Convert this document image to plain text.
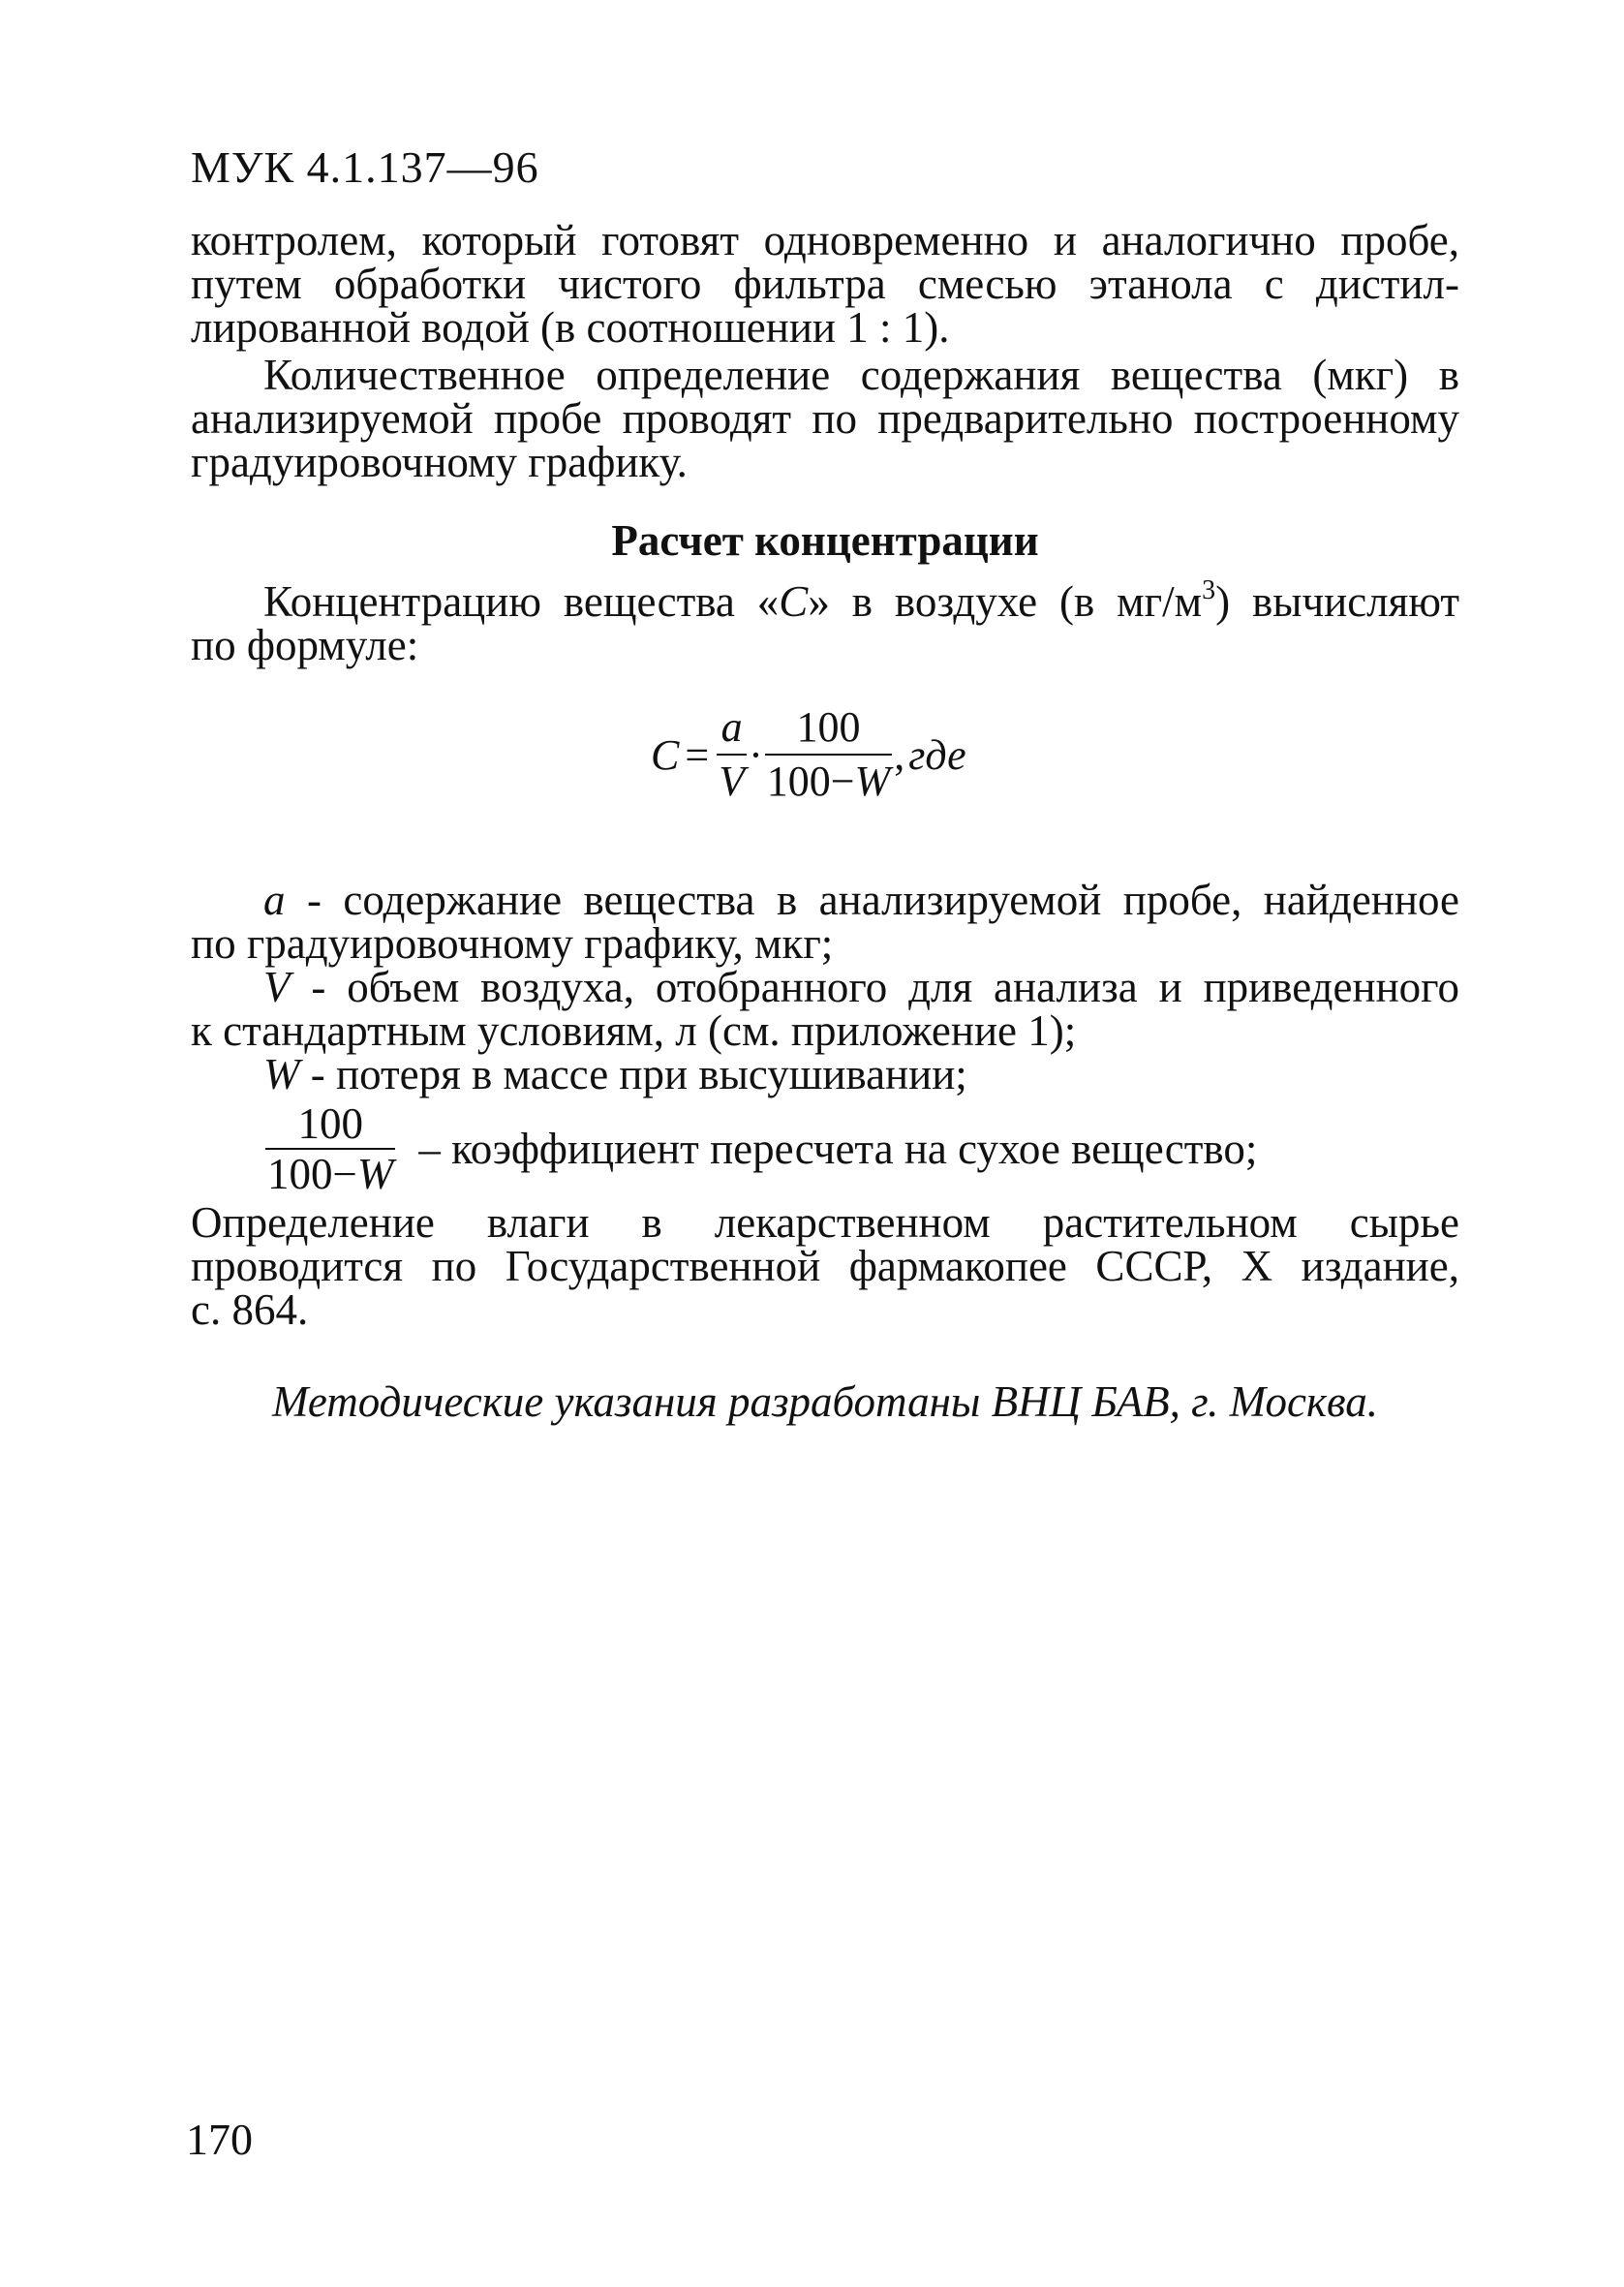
МУК 4.1.137—96
контролем, который готовят одновременно и аналогично пробе,
путем обработки чистого фильтра смесью этанола с дистил-
лированной водой (в соотношении 1 : 1).
Количественное определение содержания вещества (мкг) в
анализируемой пробе проводят по предварительно построенному
градуировочному графику.
Расчет концентрации
Концентрацию вещества «С» в воздухе (в $мг/м^3$) вычисляют
по формуле:
$С = \frac{а}{V} \cdot \frac{100}{100-W}$ , где
а - содержание вещества в анализируемой пробе, найденное
по градуировочному графику, мкг;
V - объем воздуха, отобранного для анализа и приведенного
к стандартным условиям, л (см. приложение 1);
W - потеря в массе при высушивании;
$\frac{100}{100-W}$ – коэффициент пересчета на сухое вещество;
Определение влаги в лекарственном растительном сырье
проводится по Государственной фармакопее СССР, X издание,
с. 864.
Методические указания разработаны ВНЦ БАВ, г. Москва.
170
